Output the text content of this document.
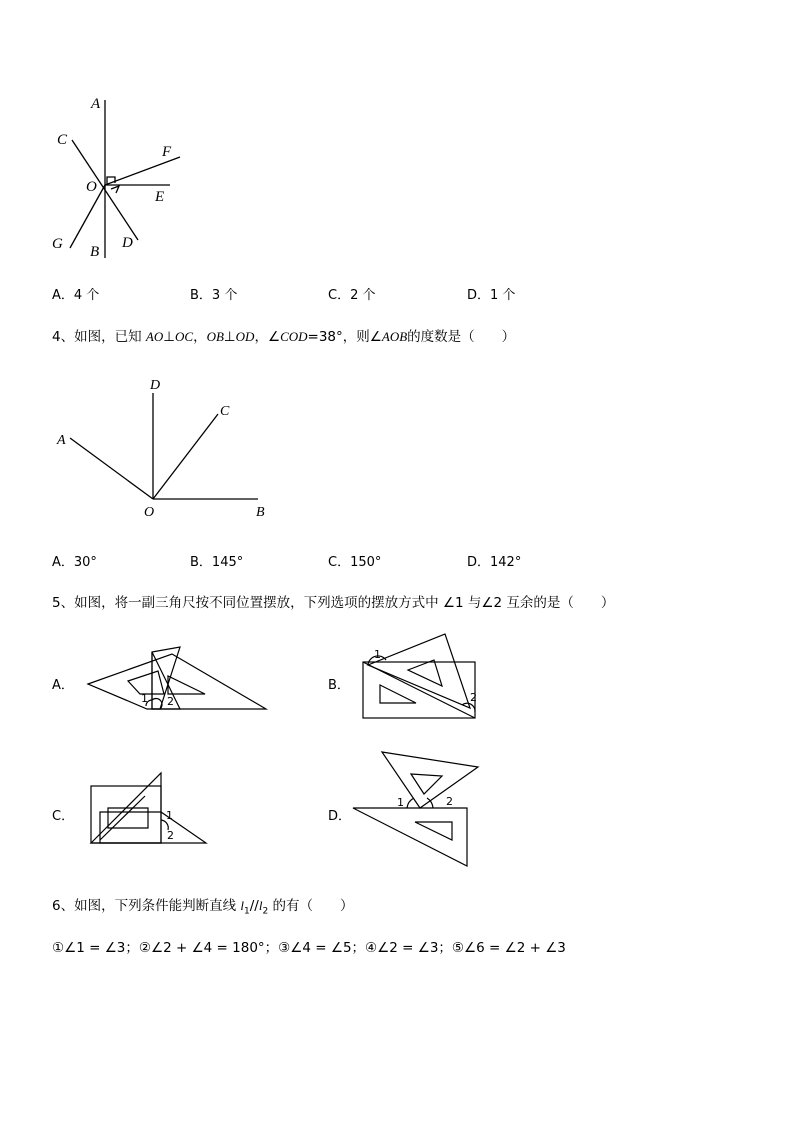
A
C
F
O
E
G B
D
A．4 个	B．3 个	C．2 个	D．1 个
4、如图，已知 AO⊥OC，OB⊥OD，∠COD=38°，则∠AOB的度数是（　　）
D
C
A
O	B
A．30°	B．145°	C．150°	D．142°
5、如图，将一副三角尺按不同位置摆放，下列选项的摆放方式中 ∠1 与∠2 互余的是（　　）
A．	B．
C．	D．
1 2
1
2
1
2
1	2
6、如图，下列条件能判断直线 $l_1//l_2$ 的有（　　）
①∠1 = ∠3；②∠2 + ∠4 = 180°；③∠4 = ∠5；④∠2 = ∠3；⑤∠6 = ∠2 + ∠3
